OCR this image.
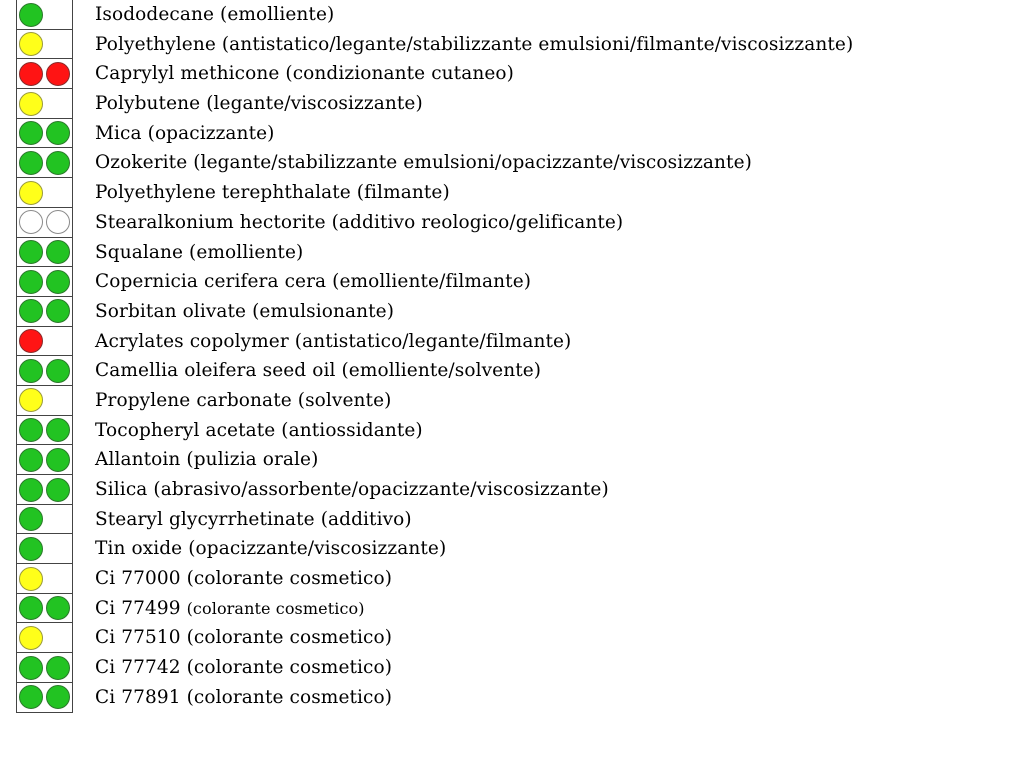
Isododecane (emolliente)
Polyethylene (antistatico/legante/stabilizzante emulsioni/filmante/viscosizzante)
Caprylyl methicone (condizionante cutaneo)
Polybutene (legante/viscosizzante)
Mica (opacizzante)
Ozokerite (legante/stabilizzante emulsioni/opacizzante/viscosizzante)
Polyethylene terephthalate (filmante)
Stearalkonium hectorite (additivo reologico/gelificante)
Squalane (emolliente)
Copernicia cerifera cera (emolliente/filmante)
Sorbitan olivate (emulsionante)
Acrylates copolymer (antistatico/legante/filmante)
Camellia oleifera seed oil (emolliente/solvente)
Propylene carbonate (solvente)
Tocopheryl acetate (antiossidante)
Allantoin (pulizia orale)
Silica (abrasivo/assorbente/opacizzante/viscosizzante)
Stearyl glycyrrhetinate (additivo)
Tin oxide (opacizzante/viscosizzante)
Ci 77000 (colorante cosmetico)
Ci 77499 (colorante cosmetico)
Ci 77510 (colorante cosmetico)
Ci 77742 (colorante cosmetico)
Ci 77891 (colorante cosmetico)
